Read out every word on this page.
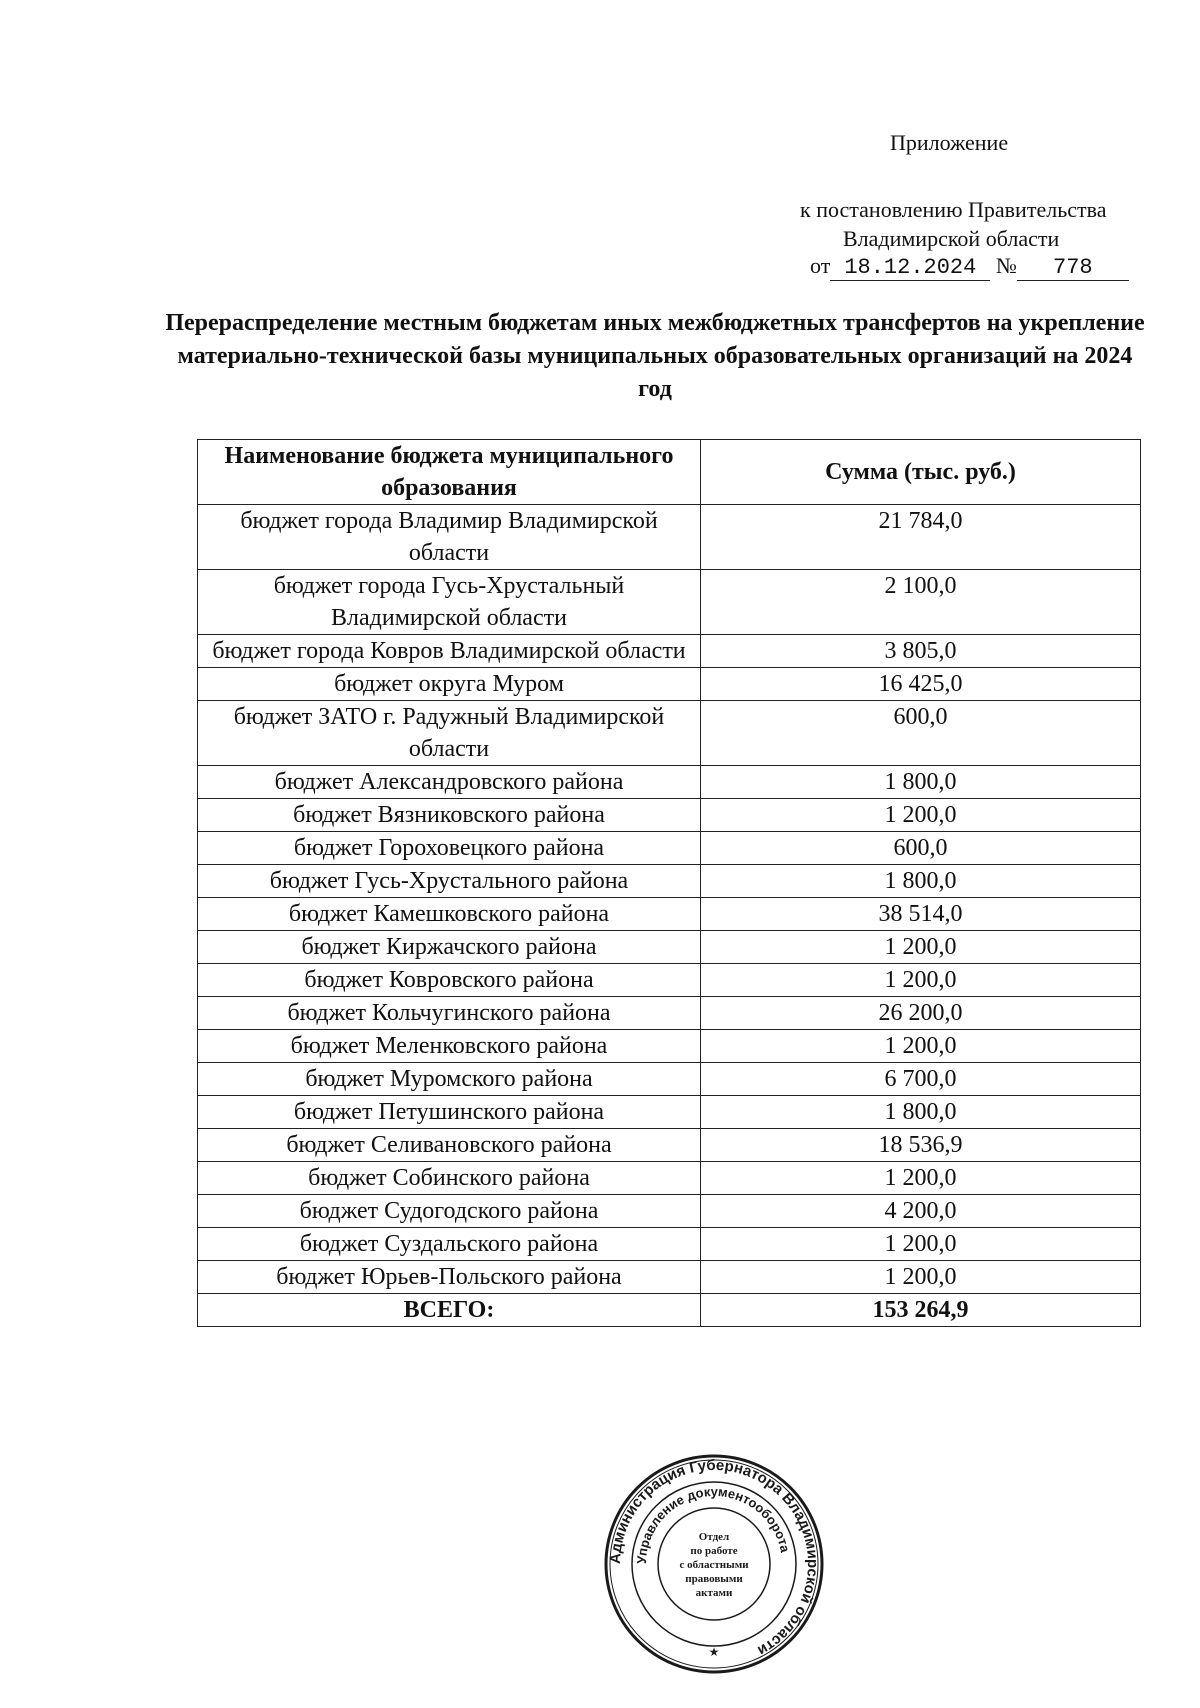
Приложение
к постановлению Правительства
Владимирской области
от 18.12.2024 № 778
Перераспределение местным бюджетам иных межбюджетных трансфертов на укрепление материально-технической базы муниципальных образовательных организаций на 2024 год
Наименование бюджета муниципального образования	Сумма (тыс. руб.)
бюджет города Владимир Владимирской области	21 784,0
бюджет города Гусь-Хрустальный Владимирской области	2 100,0
бюджет города Ковров Владимирской области	3 805,0
бюджет округа Муром	16 425,0
бюджет ЗАТО г. Радужный Владимирской области	600,0
бюджет Александровского района	1 800,0
бюджет Вязниковского района	1 200,0
бюджет Гороховецкого района	600,0
бюджет Гусь-Хрустального района	1 800,0
бюджет Камешковского района	38 514,0
бюджет Киржачского района	1 200,0
бюджет Ковровского района	1 200,0
бюджет Кольчугинского района	26 200,0
бюджет Меленковского района	1 200,0
бюджет Муромского района	6 700,0
бюджет Петушинского района	1 800,0
бюджет Селивановского района	18 536,9
бюджет Собинского района	1 200,0
бюджет Судогодского района	4 200,0
бюджет Суздальского района	1 200,0
бюджет Юрьев-Польского района	1 200,0
ВСЕГО:	153 264,9
Администрация Губернатора Владимирской области
Управление документооборота
Отдел
по работе
с областными
правовыми
актами
★
